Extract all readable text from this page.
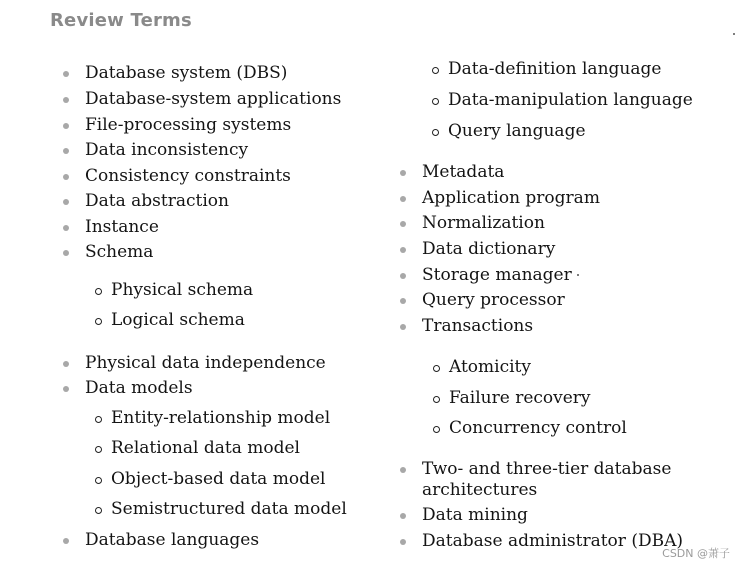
Review Terms
Database system (DBS)
Database-system applications
File-processing systems
Data inconsistency
Consistency constraints
Data abstraction
Instance
Schema
Physical schema
Logical schema
Physical data independence
Data models
Entity-relationship model
Relational data model
Object-based data model
Semistructured data model
Database languages
Data-definition language
Data-manipulation language
Query language
Metadata
Application program
Normalization
Data dictionary
Storage manager
Query processor
Transactions
Atomicity
Failure recovery
Concurrency control
Two- and three-tier database architectures
Data mining
Database administrator (DBA)
CSDN @萧子
